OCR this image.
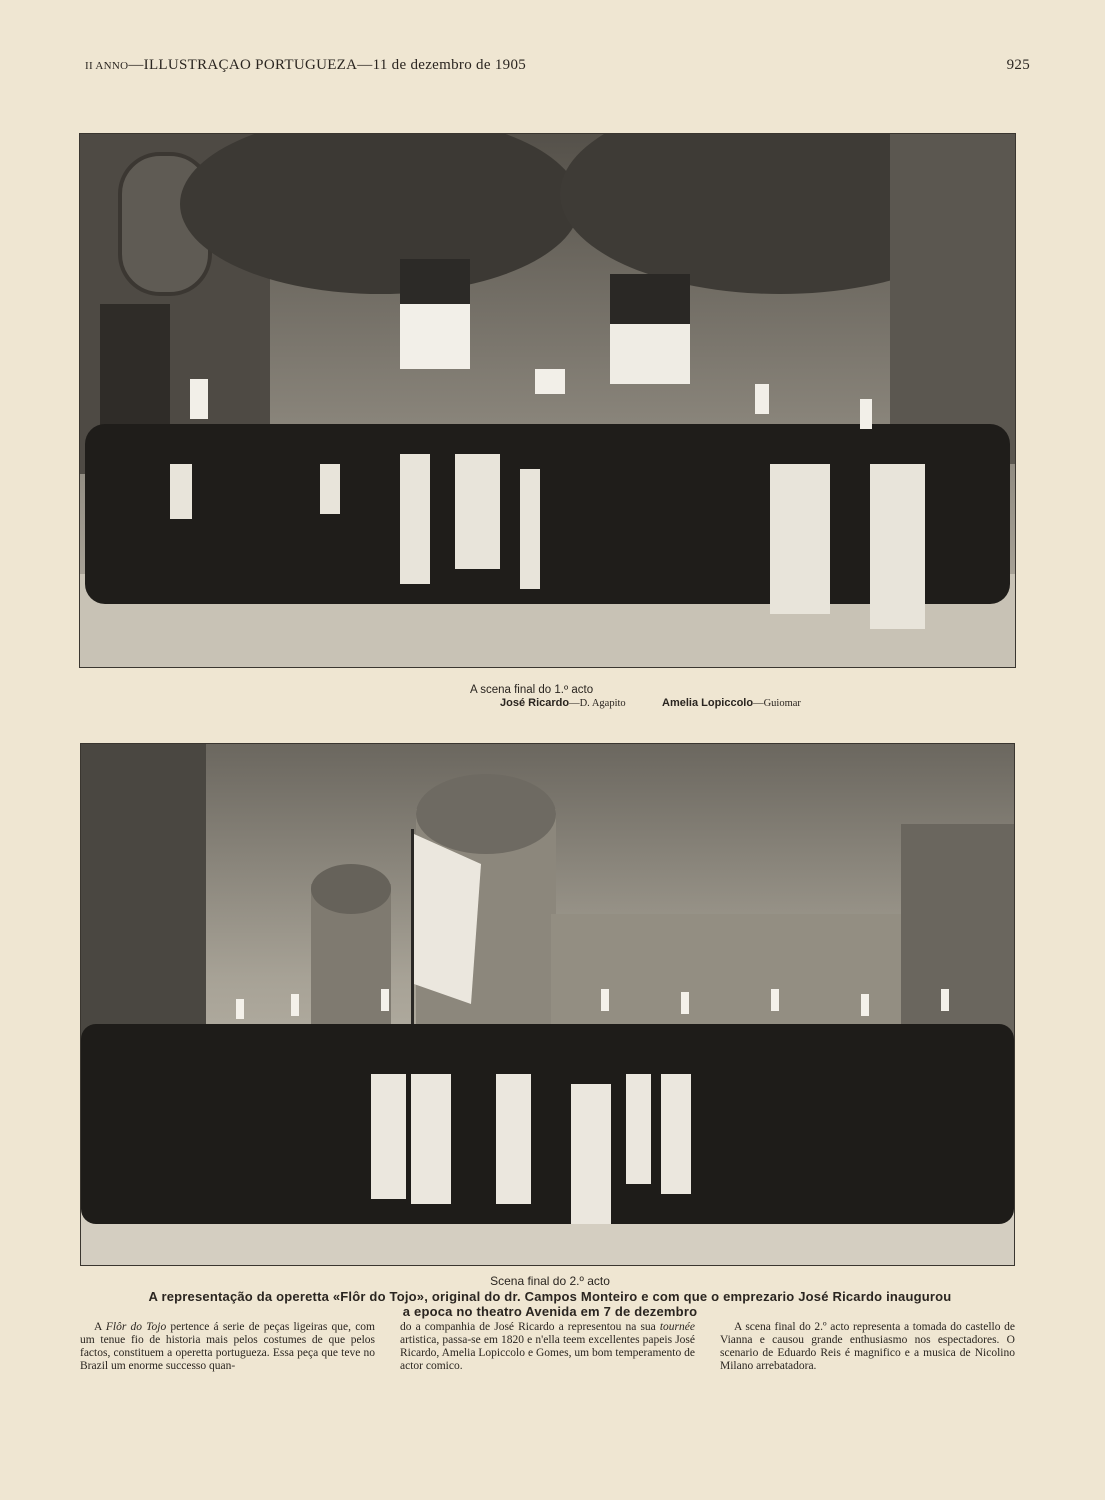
II ANNO—ILLUSTRAÇAO PORTUGUEZA—11 de dezembro de 1905	925
A scena final do 1.º acto
José Ricardo—D. Agapito	Amelia Lopiccolo—Guiomar
Scena final do 2.º acto
A representação da operetta «Flôr do Tojo», original do dr. Campos Monteiro e com que o emprezario José Ricardo inaugurou
a epoca no theatro Avenida em 7 de dezembro

A Flôr do Tojo pertence á serie de peças ligeiras que, com um tenue fio de historia mais pelos costumes de que pelos factos, constituem a operetta portugueza. Essa peça que teve no Brazil um enorme successo quan-

do a companhia de José Ricardo a representou na sua tournée artistica, passa-se em 1820 e n'ella teem excellentes papeis José Ricardo, Amelia Lopiccolo e Gomes, um bom temperamento de actor comico.

A scena final do 2.º acto representa a tomada do castello de Vianna e causou grande enthusiasmo nos espectadores. O scenario de Eduardo Reis é magnifico e a musica de Nicolino Milano arrebatadora.
